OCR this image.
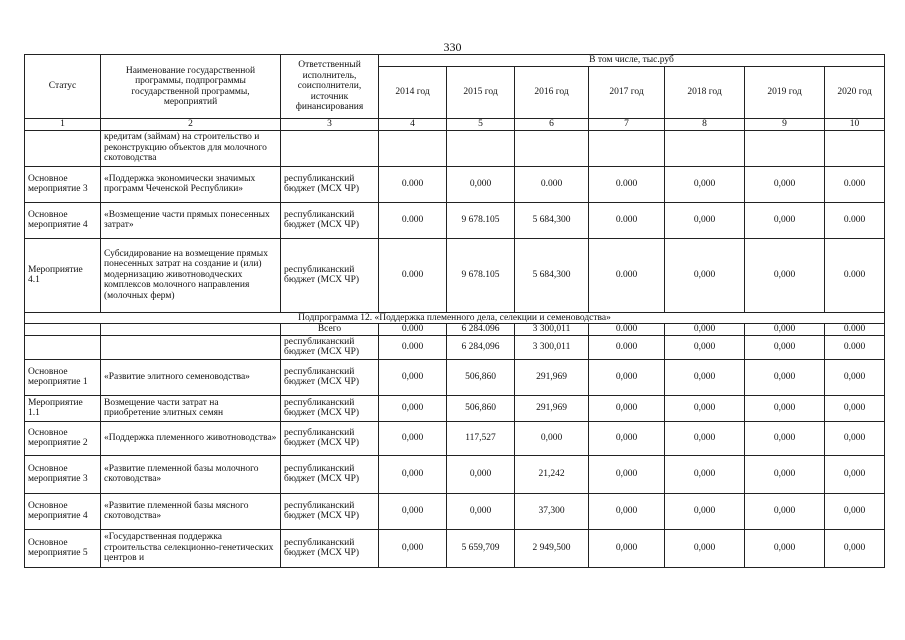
330
Статус	Наименование государственной программы, подпрограммы государственной программы, мероприятий	Ответственный исполнитель, соисполнители, источник финансирования	В том числе, тыс.руб						
			2014 год	2015 год	2016 год	2017 год	2018 год	2019 год	2020 год
1	2	3	4	5	6	7	8	9	10
	кредитам (займам) на строительство и реконструкцию объектов для молочного скотоводства								
Основное мероприятие 3	«Поддержка экономически значимых программ Чеченской Республики»	республиканский бюджет (МСХ ЧР)	0.000	0,000	0.000	0.000	0,000	0,000	0.000
Основное мероприятие 4	«Возмещение части прямых понесенных затрат»	республиканский бюджет (МСХ ЧР)	0.000	9 678.105	5 684,300	0.000	0,000	0,000	0.000
Мероприятие 4.1	Субсидирование на возмещение прямых понесенных затрат на создание и (или) модернизацию животноводческих комплексов молочного направления (молочных ферм)	республиканский бюджет (МСХ ЧР)	0.000	9 678.105	5 684,300	0.000	0,000	0,000	0.000
Подпрограмма 12. «Поддержка племенного дела, селекции и семеноводства»									
		Всего	0.000	6 284.096	3 300,011	0.000	0,000	0,000	0.000
		республиканский бюджет (МСХ ЧР)	0.000	6 284,096	3 300,011	0.000	0,000	0,000	0.000
Основное мероприятие 1	«Развитие элитного семеноводства»	республиканский бюджет (МСХ ЧР)	0,000	506,860	291,969	0,000	0,000	0,000	0,000
Мероприятие 1.1	Возмещение части затрат на приобретение элитных семян	республиканский бюджет (МСХ ЧР)	0,000	506,860	291,969	0,000	0,000	0,000	0,000
Основное мероприятие 2	«Поддержка племенного животноводства»	республиканский бюджет (МСХ ЧР)	0,000	117,527	0,000	0,000	0,000	0,000	0,000
Основное мероприятие 3	«Развитие племенной базы молочного скотоводства»	республиканский бюджет (МСХ ЧР)	0,000	0,000	21,242	0,000	0,000	0,000	0,000
Основное мероприятие 4	«Развитие племенной базы мясного скотоводства»	республиканский бюджет (МСХ ЧР)	0,000	0,000	37,300	0,000	0,000	0,000	0,000
Основное мероприятие 5	«Государственная поддержка строительства селекционно-генетических центров и	республиканский бюджет (МСХ ЧР)	0,000	5 659,709	2 949,500	0,000	0,000	0,000	0,000
